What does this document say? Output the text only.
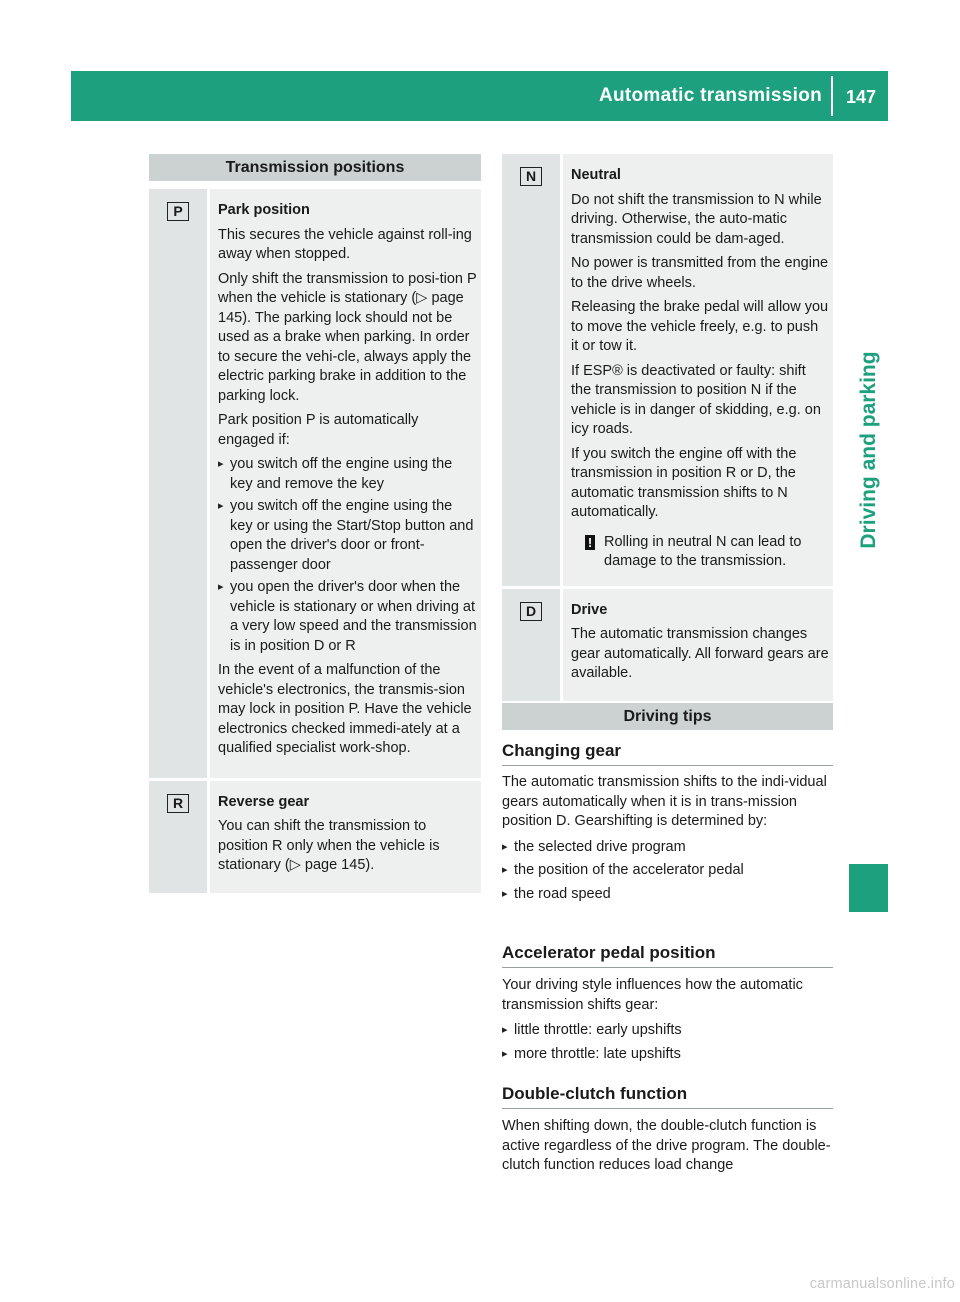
Automatic transmission	147
Driving and parking
Transmission positions
P	Park position

This secures the vehicle against roll-ing away when stopped.

Only shift the transmission to posi-tion P when the vehicle is stationary (▷ page 145). The parking lock should not be used as a brake when parking. In order to secure the vehi-cle, always apply the electric parking brake in addition to the parking lock.

Park position P is automatically engaged if:

▸ you switch off the engine using the key and remove the key
▸ you switch off the engine using the key or using the Start/Stop button and open the driver's door or front-passenger door
▸ you open the driver's door when the vehicle is stationary or when driving at a very low speed and the transmission is in position D or R

In the event of a malfunction of the vehicle's electronics, the transmis-sion may lock in position P. Have the vehicle electronics checked immedi-ately at a qualified specialist work-shop.

R	Reverse gear

You can shift the transmission to position R only when the vehicle is stationary (▷ page 145).

N	Neutral

Do not shift the transmission to N while driving. Otherwise, the auto-matic transmission could be dam-aged.

No power is transmitted from the engine to the drive wheels.

Releasing the brake pedal will allow you to move the vehicle freely, e.g. to push it or tow it.

If ESP® is deactivated or faulty: shift the transmission to position N if the vehicle is in danger of skidding, e.g. on icy roads.

If you switch the engine off with the transmission in position R or D, the automatic transmission shifts to N automatically.

! Rolling in neutral N can lead to damage to the transmission.
D	Drive

The automatic transmission changes gear automatically. All forward gears are available.

Driving tips
Changing gear

The automatic transmission shifts to the indi-vidual gears automatically when it is in trans-mission position D. Gearshifting is determined by:

▸ the selected drive program
▸ the position of the accelerator pedal
▸ the road speed
Accelerator pedal position

Your driving style influences how the automatic transmission shifts gear:

▸ little throttle: early upshifts
▸ more throttle: late upshifts
Double-clutch function

When shifting down, the double-clutch function is active regardless of the drive program. The double-clutch function reduces load change

carmanualsonline.info
